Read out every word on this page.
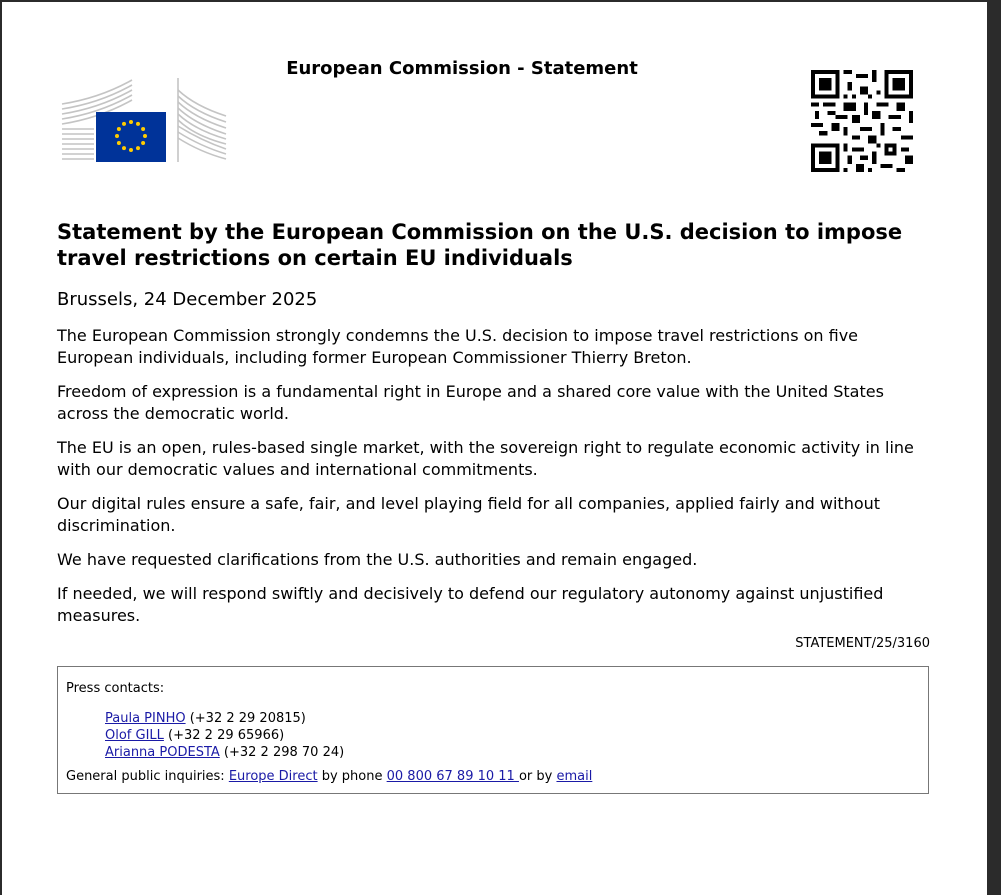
European Commission - Statement
Statement by the European Commission on the U.S. decision to impose travel restrictions on certain EU individuals

Brussels, 24 December 2025

The European Commission strongly condemns the U.S. decision to impose travel restrictions on five European individuals, including former European Commissioner Thierry Breton.

Freedom of expression is a fundamental right in Europe and a shared core value with the United States across the democratic world.

The EU is an open, rules-based single market, with the sovereign right to regulate economic activity in line with our democratic values and international commitments.

Our digital rules ensure a safe, fair, and level playing field for all companies, applied fairly and without discrimination.

We have requested clarifications from the U.S. authorities and remain engaged.

If needed, we will respond swiftly and decisively to defend our regulatory autonomy against unjustified measures.

STATEMENT/25/3160
Press contacts:
Paula PINHO (+32 2 29 20815)
Olof GILL (+32 2 29 65966)
Arianna PODESTA (+32 2 298 70 24)
General public inquiries: Europe Direct by phone 00 800 67 89 10 11 or by email
